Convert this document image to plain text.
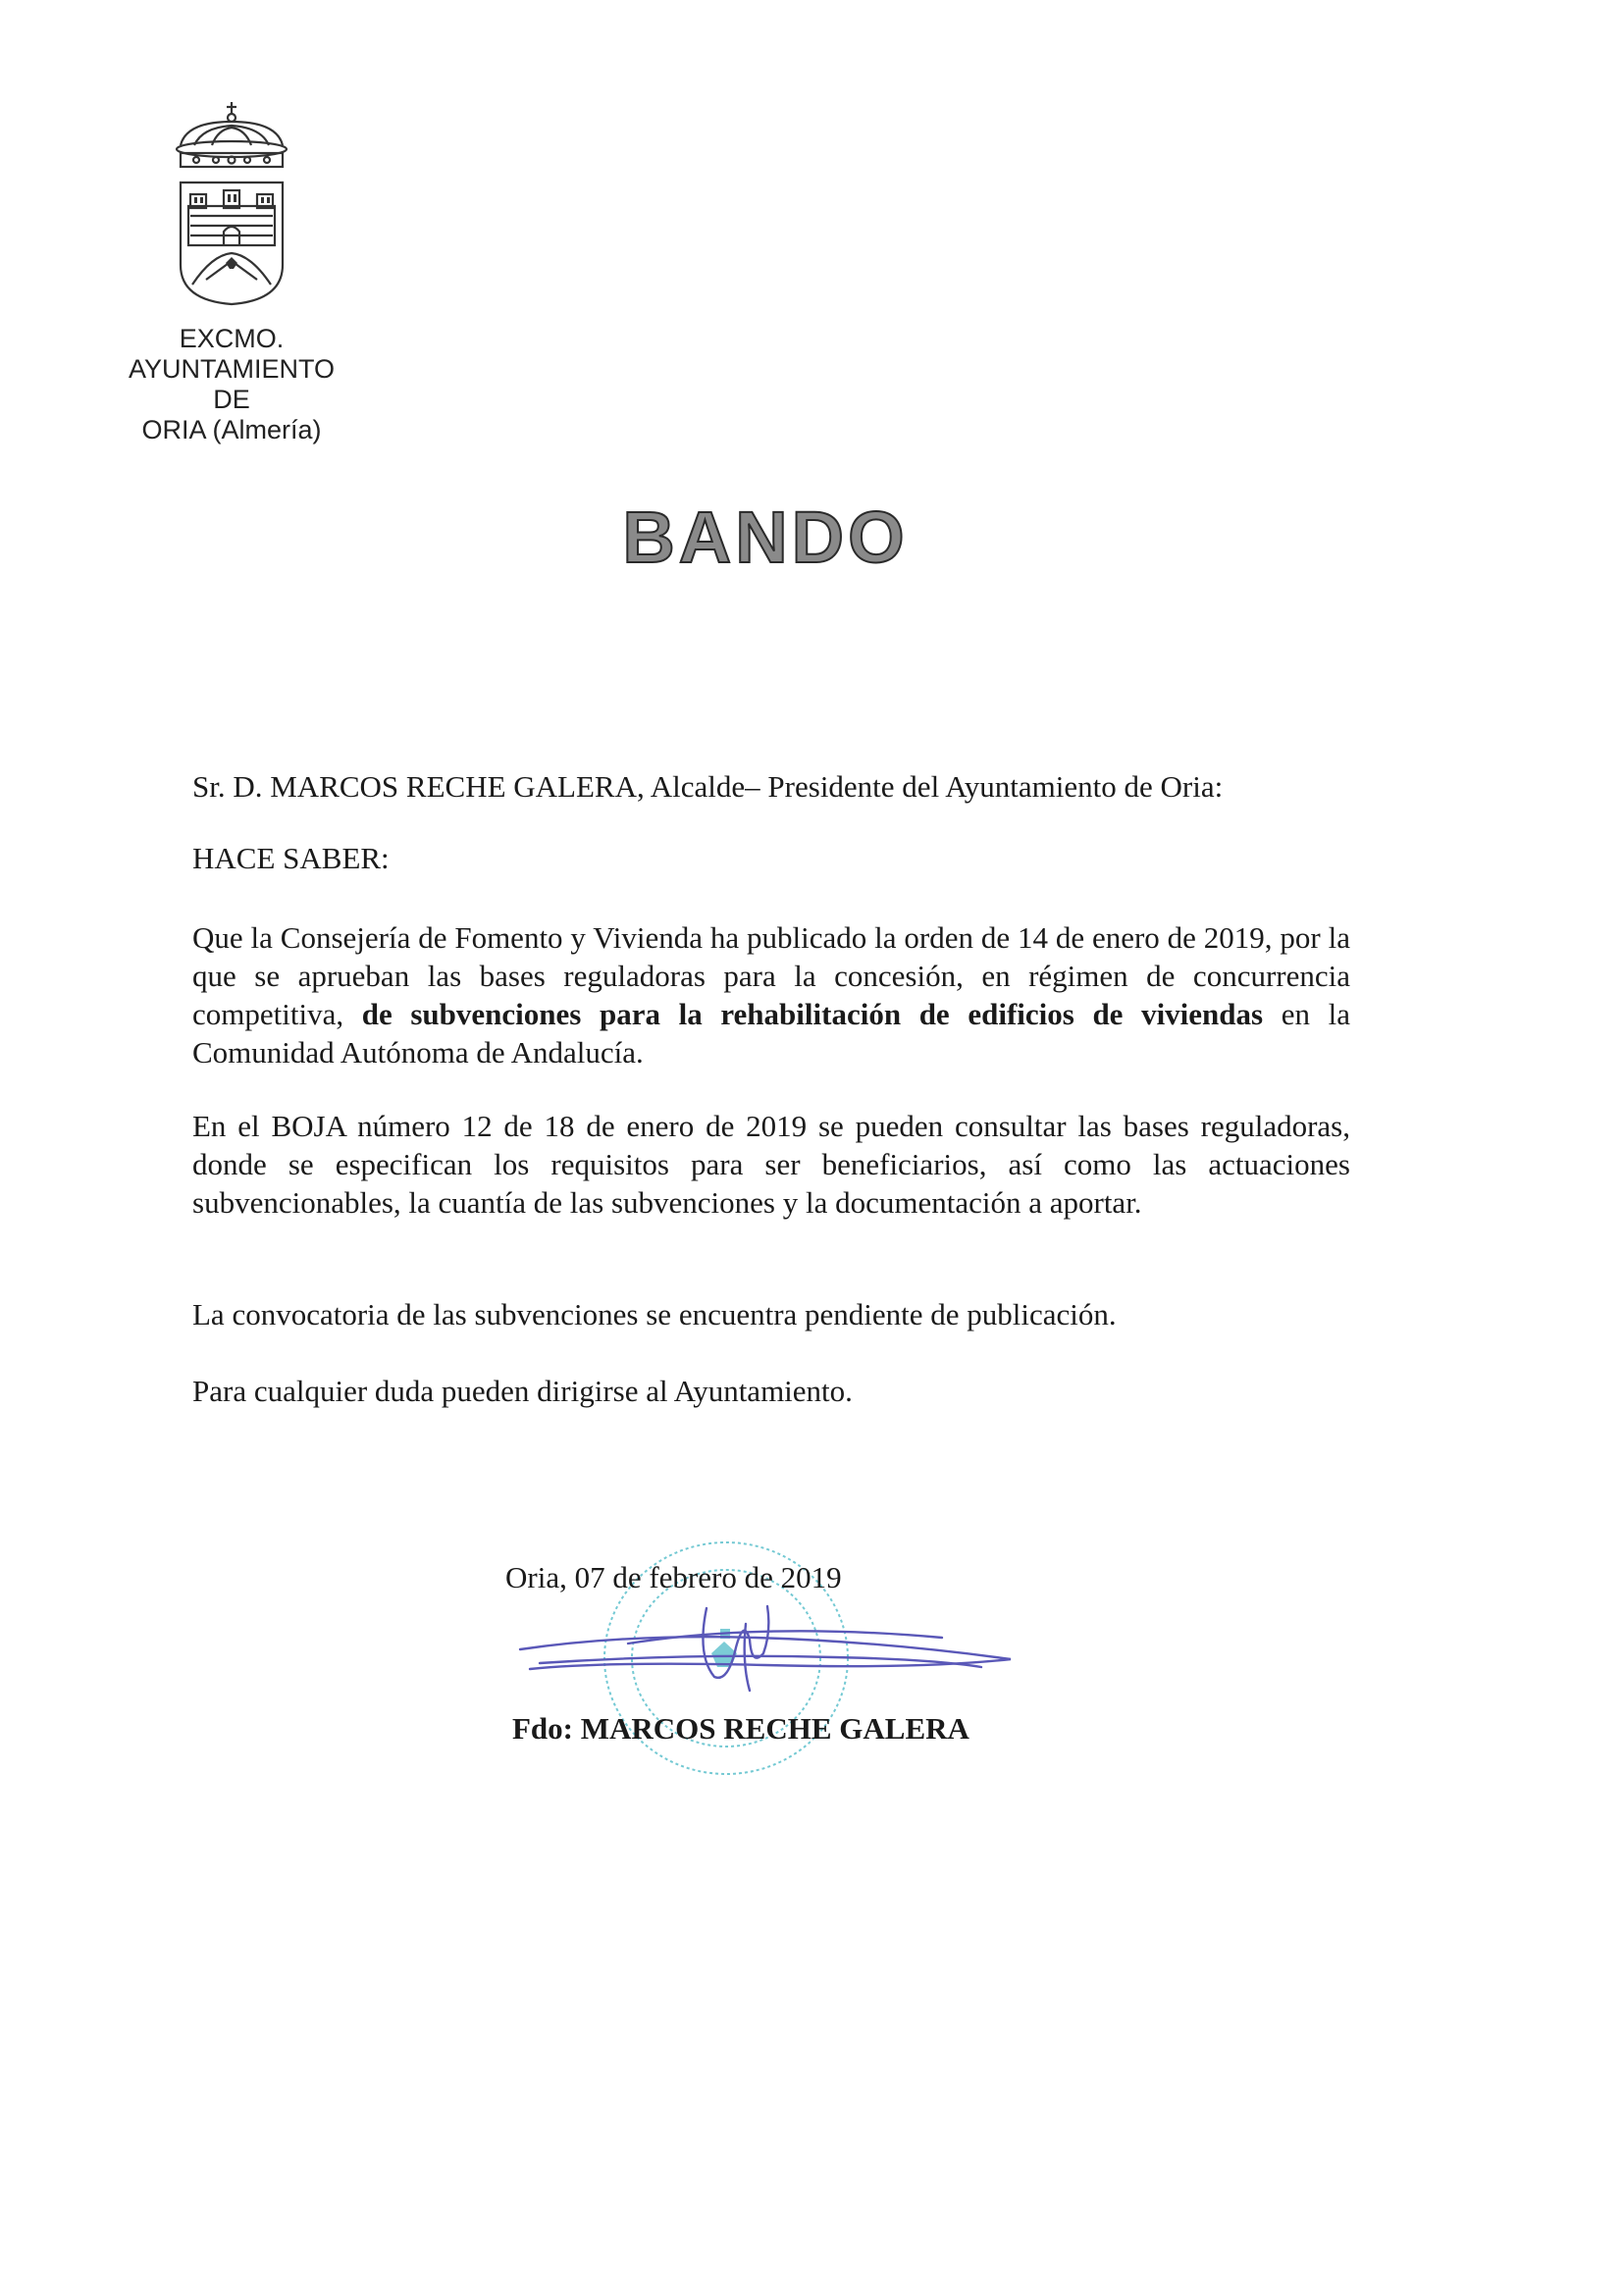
EXCMO.
AYUNTAMIENTO
DE
ORIA (Almería)
BANDO
Sr. D. MARCOS RECHE GALERA, Alcalde– Presidente del Ayuntamiento de Oria:
HACE SABER:
Que la Consejería de Fomento y Vivienda ha publicado la orden de 14 de enero de 2019, por la que se aprueban las bases reguladoras para la concesión, en régimen de concurrencia competitiva, de subvenciones para la rehabilitación de edificios de viviendas en la Comunidad Autónoma de Andalucía.
En el BOJA número 12 de 18 de enero de 2019 se pueden consultar las bases reguladoras, donde se especifican los requisitos para ser beneficiarios, así como las actuaciones subvencionables, la cuantía de las subvenciones y la documentación a aportar.
La convocatoria de las subvenciones se encuentra pendiente de publicación.
Para cualquier duda pueden dirigirse al Ayuntamiento.
Oria, 07 de febrero de 2019
Fdo: MARCOS RECHE GALERA
